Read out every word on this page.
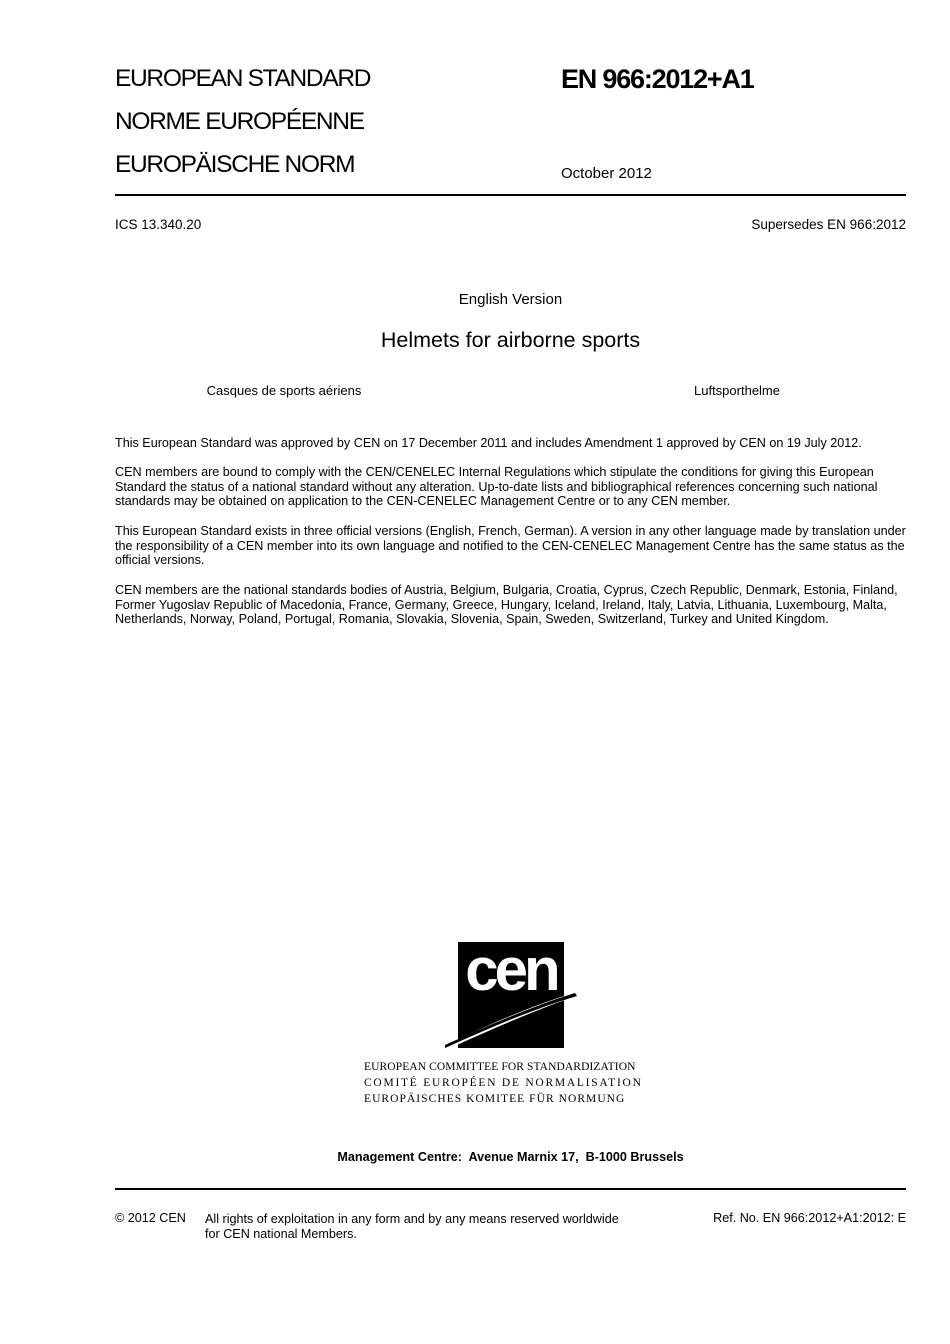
EUROPEAN STANDARD
NORME EUROPÉENNE
EUROPÄISCHE NORM
EN 966:2012+A1
October 2012
ICS 13.340.20	Supersedes EN 966:2012
English Version
Helmets for airborne sports
Casques de sports aériens	Luftsporthelme

This European Standard was approved by CEN on 17 December 2011 and includes Amendment 1 approved by CEN on 19 July 2012.

CEN members are bound to comply with the CEN/CENELEC Internal Regulations which stipulate the conditions for giving this European Standard the status of a national standard without any alteration. Up-to-date lists and bibliographical references concerning such national standards may be obtained on application to the CEN-CENELEC Management Centre or to any CEN member.

This European Standard exists in three official versions (English, French, German). A version in any other language made by translation under the responsibility of a CEN member into its own language and notified to the CEN-CENELEC Management Centre has the same status as the official versions.

CEN members are the national standards bodies of Austria, Belgium, Bulgaria, Croatia, Cyprus, Czech Republic, Denmark, Estonia, Finland, Former Yugoslav Republic of Macedonia, France, Germany, Greece, Hungary, Iceland, Ireland, Italy, Latvia, Lithuania, Luxembourg, Malta, Netherlands, Norway, Poland, Portugal, Romania, Slovakia, Slovenia, Spain, Sweden, Switzerland, Turkey and United Kingdom.

cen
EUROPEAN COMMITTEE FOR STANDARDIZATION
COMITÉ EUROPÉEN DE NORMALISATION
EUROPÄISCHES KOMITEE FÜR NORMUNG
Management Centre:  Avenue Marnix 17,  B-1000 Brussels
© 2012 CEN All rights of exploitation in any form and by any means reserved worldwide for CEN national Members.

Ref. No. EN 966:2012+A1:2012: E
